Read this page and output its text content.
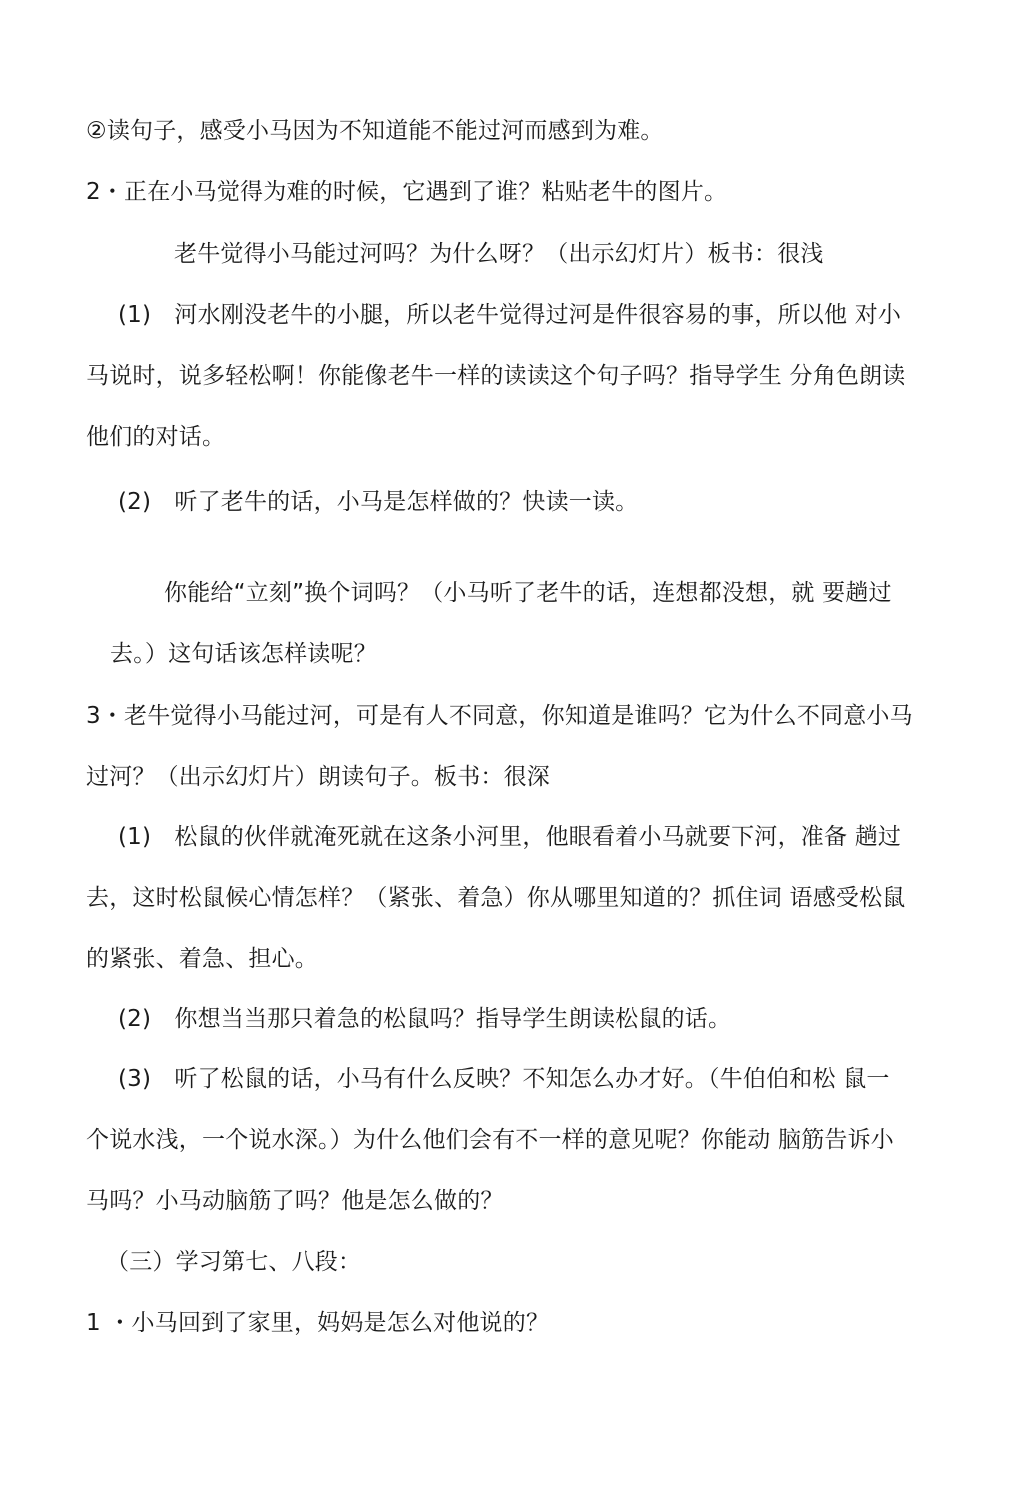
②读句子，感受小马因为不知道能不能过河而感到为难。
2・正在小马觉得为难的时候，它遇到了谁？粘贴老牛的图片。
老牛觉得小马能过河吗？为什么呀？（出示幻灯片）板书：很浅
(1)　河水刚没老牛的小腿，所以老牛觉得过河是件很容易的事，所以他 对小
马说时，说多轻松啊！你能像老牛一样的读读这个句子吗？指导学生 分角色朗读
他们的对话。
(2)　听了老牛的话，小马是怎样做的？快读一读。
你能给“立刻”换个词吗？（小马听了老牛的话，连想都没想，就 要趟过
去。）这句话该怎样读呢？
3・老牛觉得小马能过河，可是有人不同意，你知道是谁吗？它为什么不同意小马
过河？（出示幻灯片）朗读句子。板书：很深
(1)　松鼠的伙伴就淹死就在这条小河里，他眼看着小马就要下河，准备 趟过
去，这时松鼠候心情怎样？（紧张、着急）你从哪里知道的？抓住词 语感受松鼠
的紧张、着急、担心。
(2)　你想当当那只着急的松鼠吗？指导学生朗读松鼠的话。
(3)　听了松鼠的话，小马有什么反映？不知怎么办才好。（牛伯伯和松 鼠一
个说水浅，一个说水深。）为什么他们会有不一样的意见呢？你能动 脑筋告诉小
马吗？小马动脑筋了吗？他是怎么做的？
（三）学习第七、八段：
1 ・小马回到了家里，妈妈是怎么对他说的？
